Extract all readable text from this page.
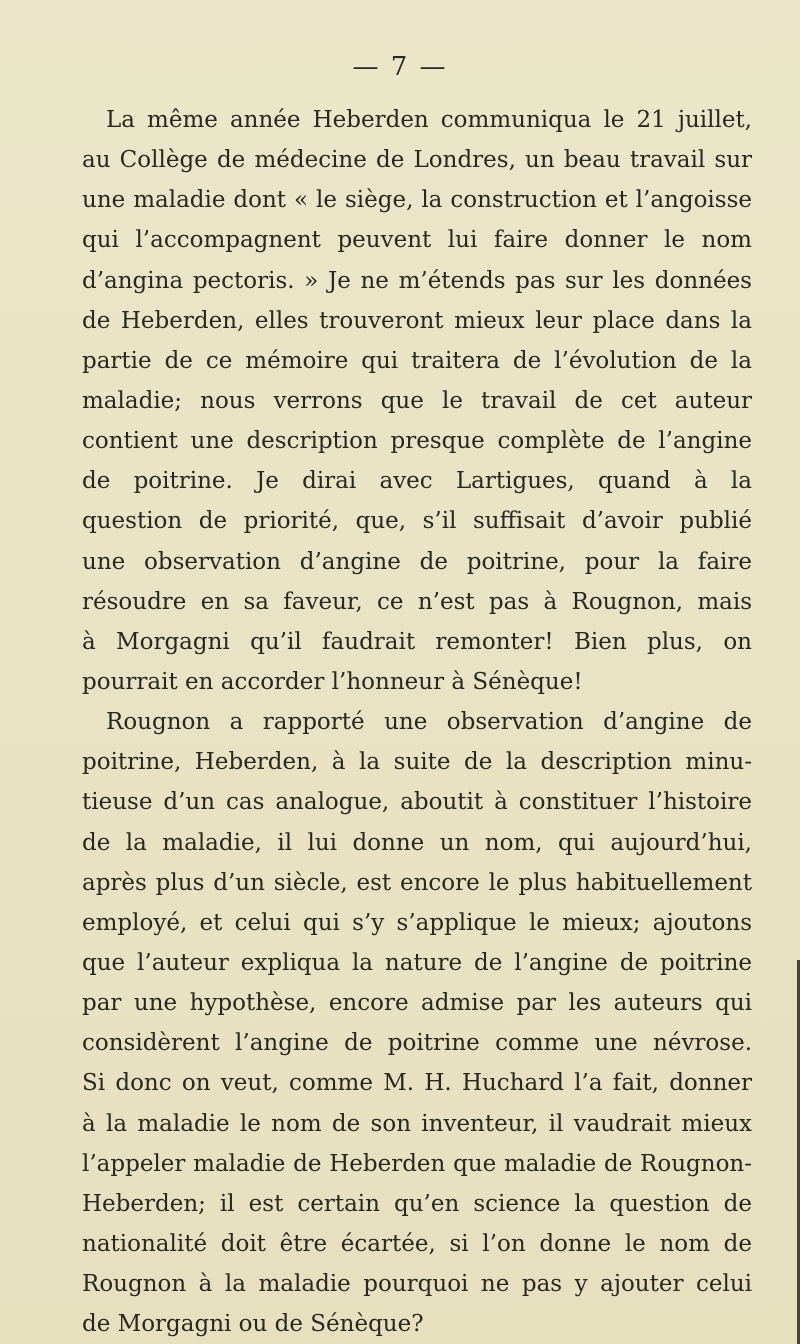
— 7 —
La même année Heberden communiqua le 21 juillet,
au Collège de médecine de Londres, un beau travail sur
une maladie dont « le siège, la construction et l’angoisse
qui l’accompagnent peuvent lui faire donner le nom
d’angina pectoris. » Je ne m’étends pas sur les données
de Heberden, elles trouveront mieux leur place dans la
partie de ce mémoire qui traitera de l’évolution de la
maladie; nous verrons que le travail de cet auteur
contient une description presque complète de l’angine
de poitrine. Je dirai avec Lartigues, quand à la
question de priorité, que, s’il suffisait d’avoir publié
une observation d’angine de poitrine, pour la faire
résoudre en sa faveur, ce n’est pas à Rougnon, mais
à Morgagni qu’il faudrait remonter! Bien plus, on
pourrait en accorder l’honneur à Sénèque!
Rougnon a rapporté une observation d’angine de
poitrine, Heberden, à la suite de la description minu-
tieuse d’un cas analogue, aboutit à constituer l’histoire
de la maladie, il lui donne un nom, qui aujourd’hui,
après plus d’un siècle, est encore le plus habituellement
employé, et celui qui s’y s’applique le mieux; ajoutons
que l’auteur expliqua la nature de l’angine de poitrine
par une hypothèse, encore admise par les auteurs qui
considèrent l’angine de poitrine comme une névrose.
Si donc on veut, comme M. H. Huchard l’a fait, donner
à la maladie le nom de son inventeur, il vaudrait mieux
l’appeler maladie de Heberden que maladie de Rougnon-
Heberden; il est certain qu’en science la question de
nationalité doit être écartée, si l’on donne le nom de
Rougnon à la maladie pourquoi ne pas y ajouter celui
de Morgagni ou de Sénèque?
